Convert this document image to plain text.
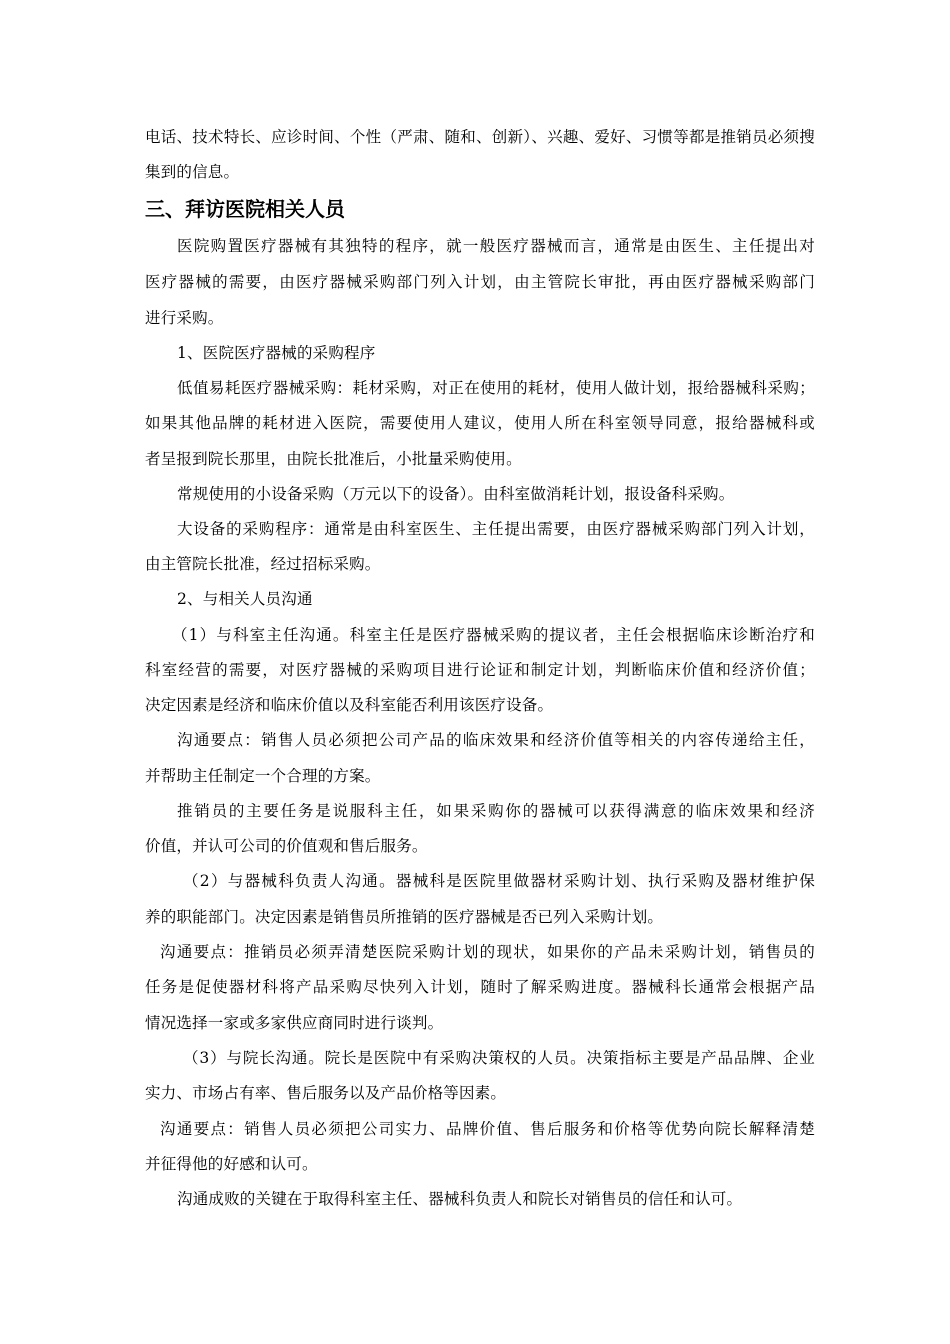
电话、技术特长、应诊时间、个性（严肃、随和、创新）、兴趣、爱好、习惯等都是推销员必须搜
集到的信息。
三、拜访医院相关人员
医院购置医疗器械有其独特的程序，就一般医疗器械而言，通常是由医生、主任提出对
医疗器械的需要，由医疗器械采购部门列入计划，由主管院长审批，再由医疗器械采购部门
进行采购。
1、医院医疗器械的采购程序
低值易耗医疗器械采购：耗材采购，对正在使用的耗材，使用人做计划，报给器械科采购；
如果其他品牌的耗材进入医院，需要使用人建议，使用人所在科室领导同意，报给器械科或
者呈报到院长那里，由院长批准后，小批量采购使用。
常规使用的小设备采购（万元以下的设备）。由科室做消耗计划，报设备科采购。
大设备的采购程序：通常是由科室医生、主任提出需要，由医疗器械采购部门列入计划，
由主管院长批准，经过招标采购。
2、与相关人员沟通
（1）与科室主任沟通。科室主任是医疗器械采购的提议者，主任会根据临床诊断治疗和
科室经营的需要，对医疗器械的采购项目进行论证和制定计划，判断临床价值和经济价值；
决定因素是经济和临床价值以及科室能否利用该医疗设备。
沟通要点：销售人员必须把公司产品的临床效果和经济价值等相关的内容传递给主任，
并帮助主任制定一个合理的方案。
推销员的主要任务是说服科主任，如果采购你的器械可以获得满意的临床效果和经济
价值，并认可公司的价值观和售后服务。
（2）与器械科负责人沟通。器械科是医院里做器材采购计划、执行采购及器材维护保
养的职能部门。决定因素是销售员所推销的医疗器械是否已列入采购计划。
沟通要点：推销员必须弄清楚医院采购计划的现状，如果你的产品未采购计划，销售员的
任务是促使器材科将产品采购尽快列入计划，随时了解采购进度。器械科长通常会根据产品
情况选择一家或多家供应商同时进行谈判。
（3）与院长沟通。院长是医院中有采购决策权的人员。决策指标主要是产品品牌、企业
实力、市场占有率、售后服务以及产品价格等因素。
沟通要点：销售人员必须把公司实力、品牌价值、售后服务和价格等优势向院长解释清楚
并征得他的好感和认可。
沟通成败的关键在于取得科室主任、器械科负责人和院长对销售员的信任和认可。
